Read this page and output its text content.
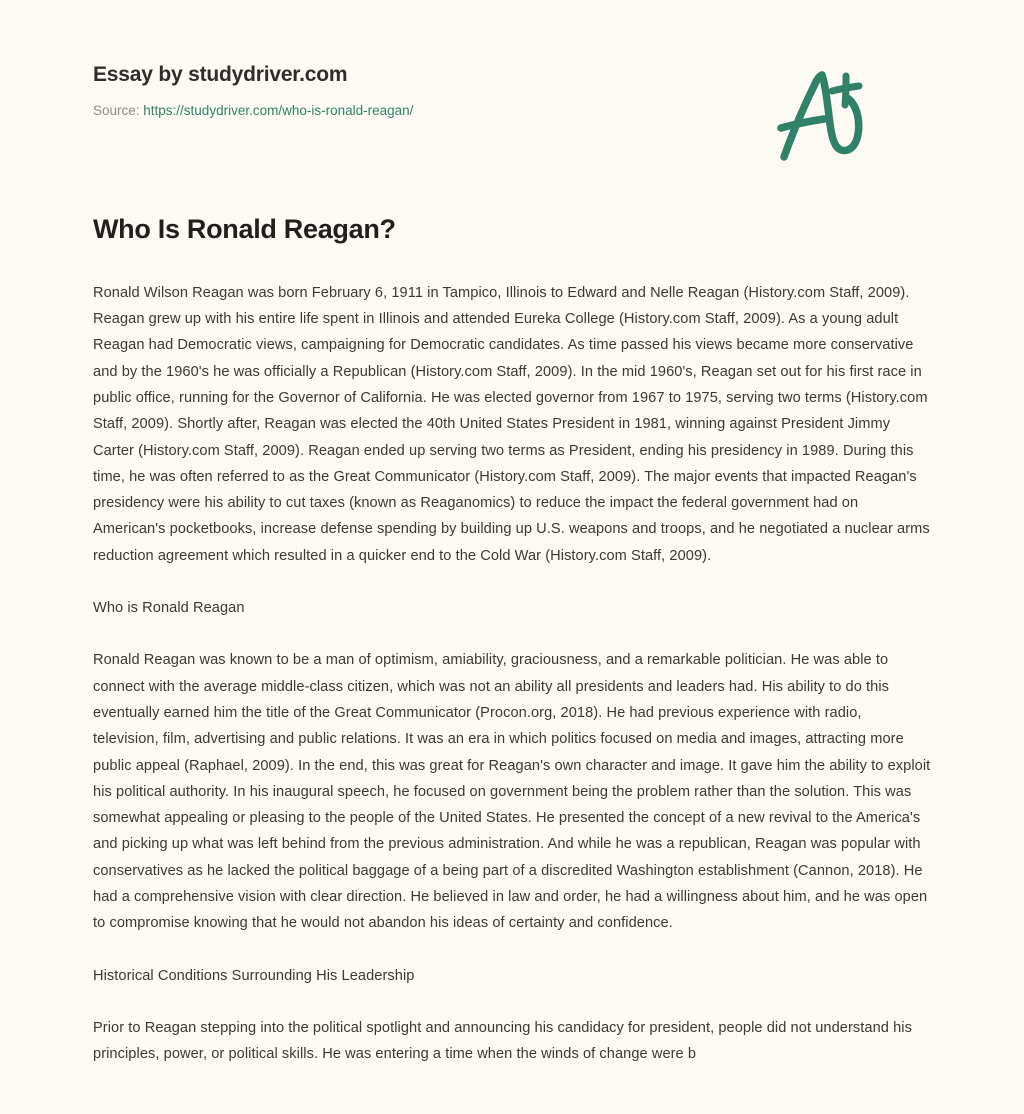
Essay by studydriver.com
Source: https://studydriver.com/who-is-ronald-reagan/
Who Is Ronald Reagan?

Ronald Wilson Reagan was born February 6, 1911 in Tampico, Illinois to Edward and Nelle Reagan (History.com Staff, 2009). Reagan grew up with his entire life spent in Illinois and attended Eureka College (History.com Staff, 2009). As a young adult Reagan had Democratic views, campaigning for Democratic candidates. As time passed his views became more conservative and by the 1960's he was officially a Republican (History.com Staff, 2009). In the mid 1960's, Reagan set out for his first race in public office, running for the Governor of California. He was elected governor from 1967 to 1975, serving two terms (History.com Staff, 2009). Shortly after, Reagan was elected the 40th United States President in 1981, winning against President Jimmy Carter (History.com Staff, 2009). Reagan ended up serving two terms as President, ending his presidency in 1989. During this time, he was often referred to as the Great Communicator (History.com Staff, 2009). The major events that impacted Reagan's presidency were his ability to cut taxes (known as Reaganomics) to reduce the impact the federal government had on American's pocketbooks, increase defense spending by building up U.S. weapons and troops, and he negotiated a nuclear arms reduction agreement which resulted in a quicker end to the Cold War (History.com Staff, 2009).

Who is Ronald Reagan

Ronald Reagan was known to be a man of optimism, amiability, graciousness, and a remarkable politician. He was able to connect with the average middle-class citizen, which was not an ability all presidents and leaders had. His ability to do this eventually earned him the title of the Great Communicator (Procon.org, 2018). He had previous experience with radio, television, film, advertising and public relations. It was an era in which politics focused on media and images, attracting more public appeal (Raphael, 2009). In the end, this was great for Reagan's own character and image. It gave him the ability to exploit his political authority. In his inaugural speech, he focused on government being the problem rather than the solution. This was somewhat appealing or pleasing to the people of the United States. He presented the concept of a new revival to the America's and picking up what was left behind from the previous administration. And while he was a republican, Reagan was popular with conservatives as he lacked the political baggage of a being part of a discredited Washington establishment (Cannon, 2018). He had a comprehensive vision with clear direction. He believed in law and order, he had a willingness about him, and he was open to compromise knowing that he would not abandon his ideas of certainty and confidence.

Historical Conditions Surrounding His Leadership

Prior to Reagan stepping into the political spotlight and announcing his candidacy for president, people did not understand his principles, power, or political skills. He was entering a time when the winds of change were b
